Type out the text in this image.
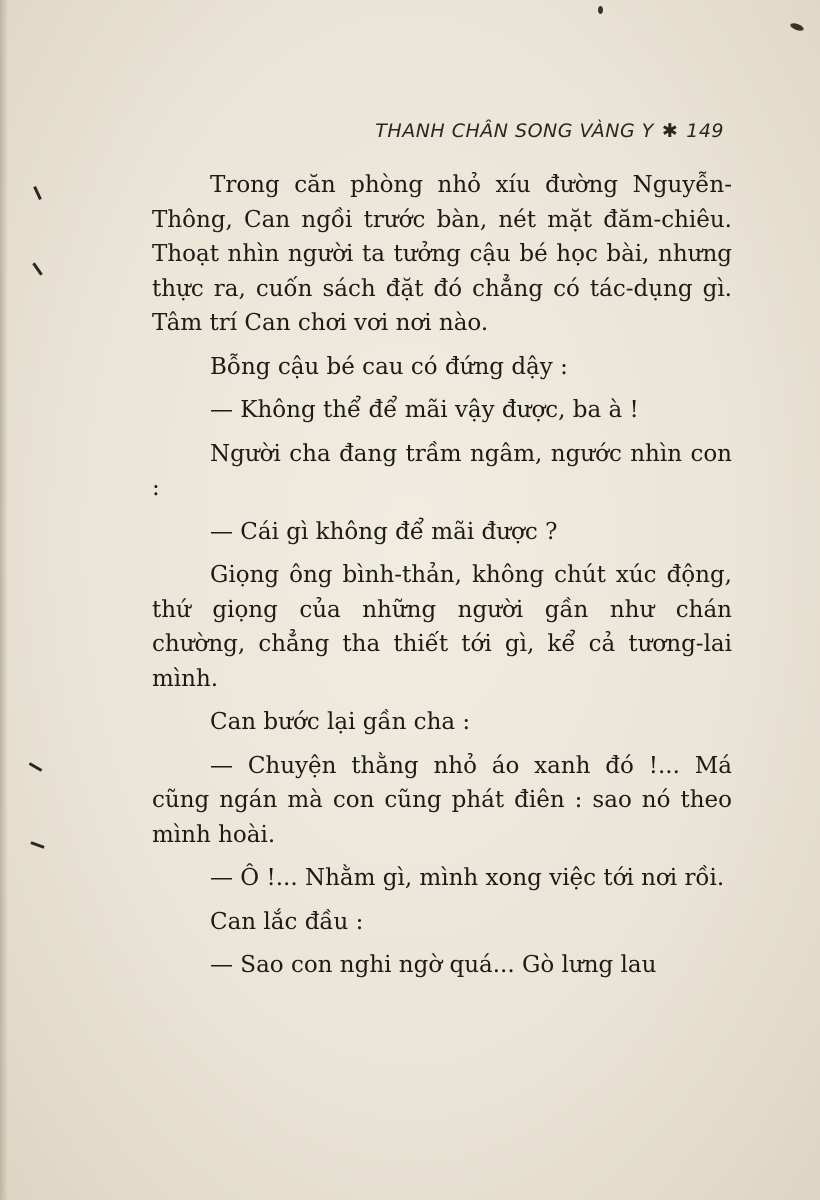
THANH CHÂN SONG VÀNG Y ✱ 149

Trong căn phòng nhỏ xíu đường Nguyễn-Thông, Can ngồi trước bàn, nét mặt đăm-chiêu. Thoạt nhìn người ta tưởng cậu bé học bài, nhưng thực ra, cuốn sách đặt đó chẳng có tác-dụng gì. Tâm trí Can chơi vơi nơi nào.

Bỗng cậu bé cau có đứng dậy :

— Không thể để mãi vậy được, ba à !

Người cha đang trầm ngâm, ngước nhìn con :

— Cái gì không để mãi được ?

Giọng ông bình-thản, không chút xúc động, thứ giọng của những người gần như chán chường, chẳng tha thiết tới gì, kể cả tương-lai mình.

Can bước lại gần cha :

— Chuyện thằng nhỏ áo xanh đó !... Má cũng ngán mà con cũng phát điên : sao nó theo mình hoài.

— Ô !... Nhằm gì, mình xong việc tới nơi rồi.

Can lắc đầu :

— Sao con nghi ngờ quá... Gò lưng lau
